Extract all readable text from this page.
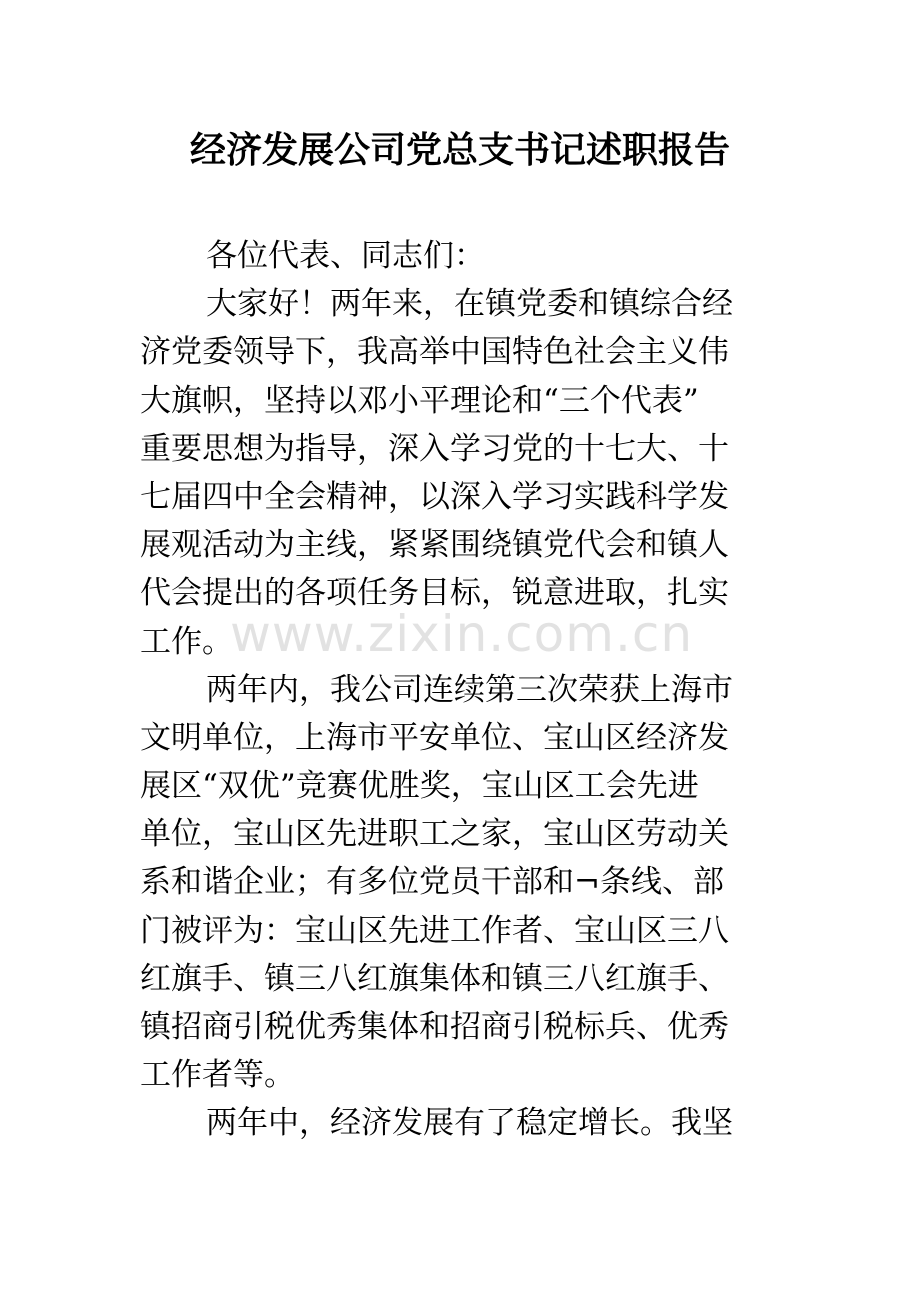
经济发展公司党总支书记述职报告
各位代表、同志们：
大家好！两年来，在镇党委和镇综合经
济党委领导下，我高举中国特色社会主义伟
大旗帜，坚持以邓小平理论和“三个代表”
重要思想为指导，深入学习党的十七大、十
七届四中全会精神，以深入学习实践科学发
展观活动为主线，紧紧围绕镇党代会和镇人
代会提出的各项任务目标，锐意进取，扎实
工作。
两年内，我公司连续第三次荣获上海市
文明单位，上海市平安单位、宝山区经济发
展区“双优”竞赛优胜奖，宝山区工会先进
单位，宝山区先进职工之家，宝山区劳动关
系和谐企业；有多位党员干部和¬条线、部
门被评为：宝山区先进工作者、宝山区三八
红旗手、镇三八红旗集体和镇三八红旗手、
镇招商引税优秀集体和招商引税标兵、优秀
工作者等。
两年中，经济发展有了稳定增长。我坚
www.zixin.com.cn
